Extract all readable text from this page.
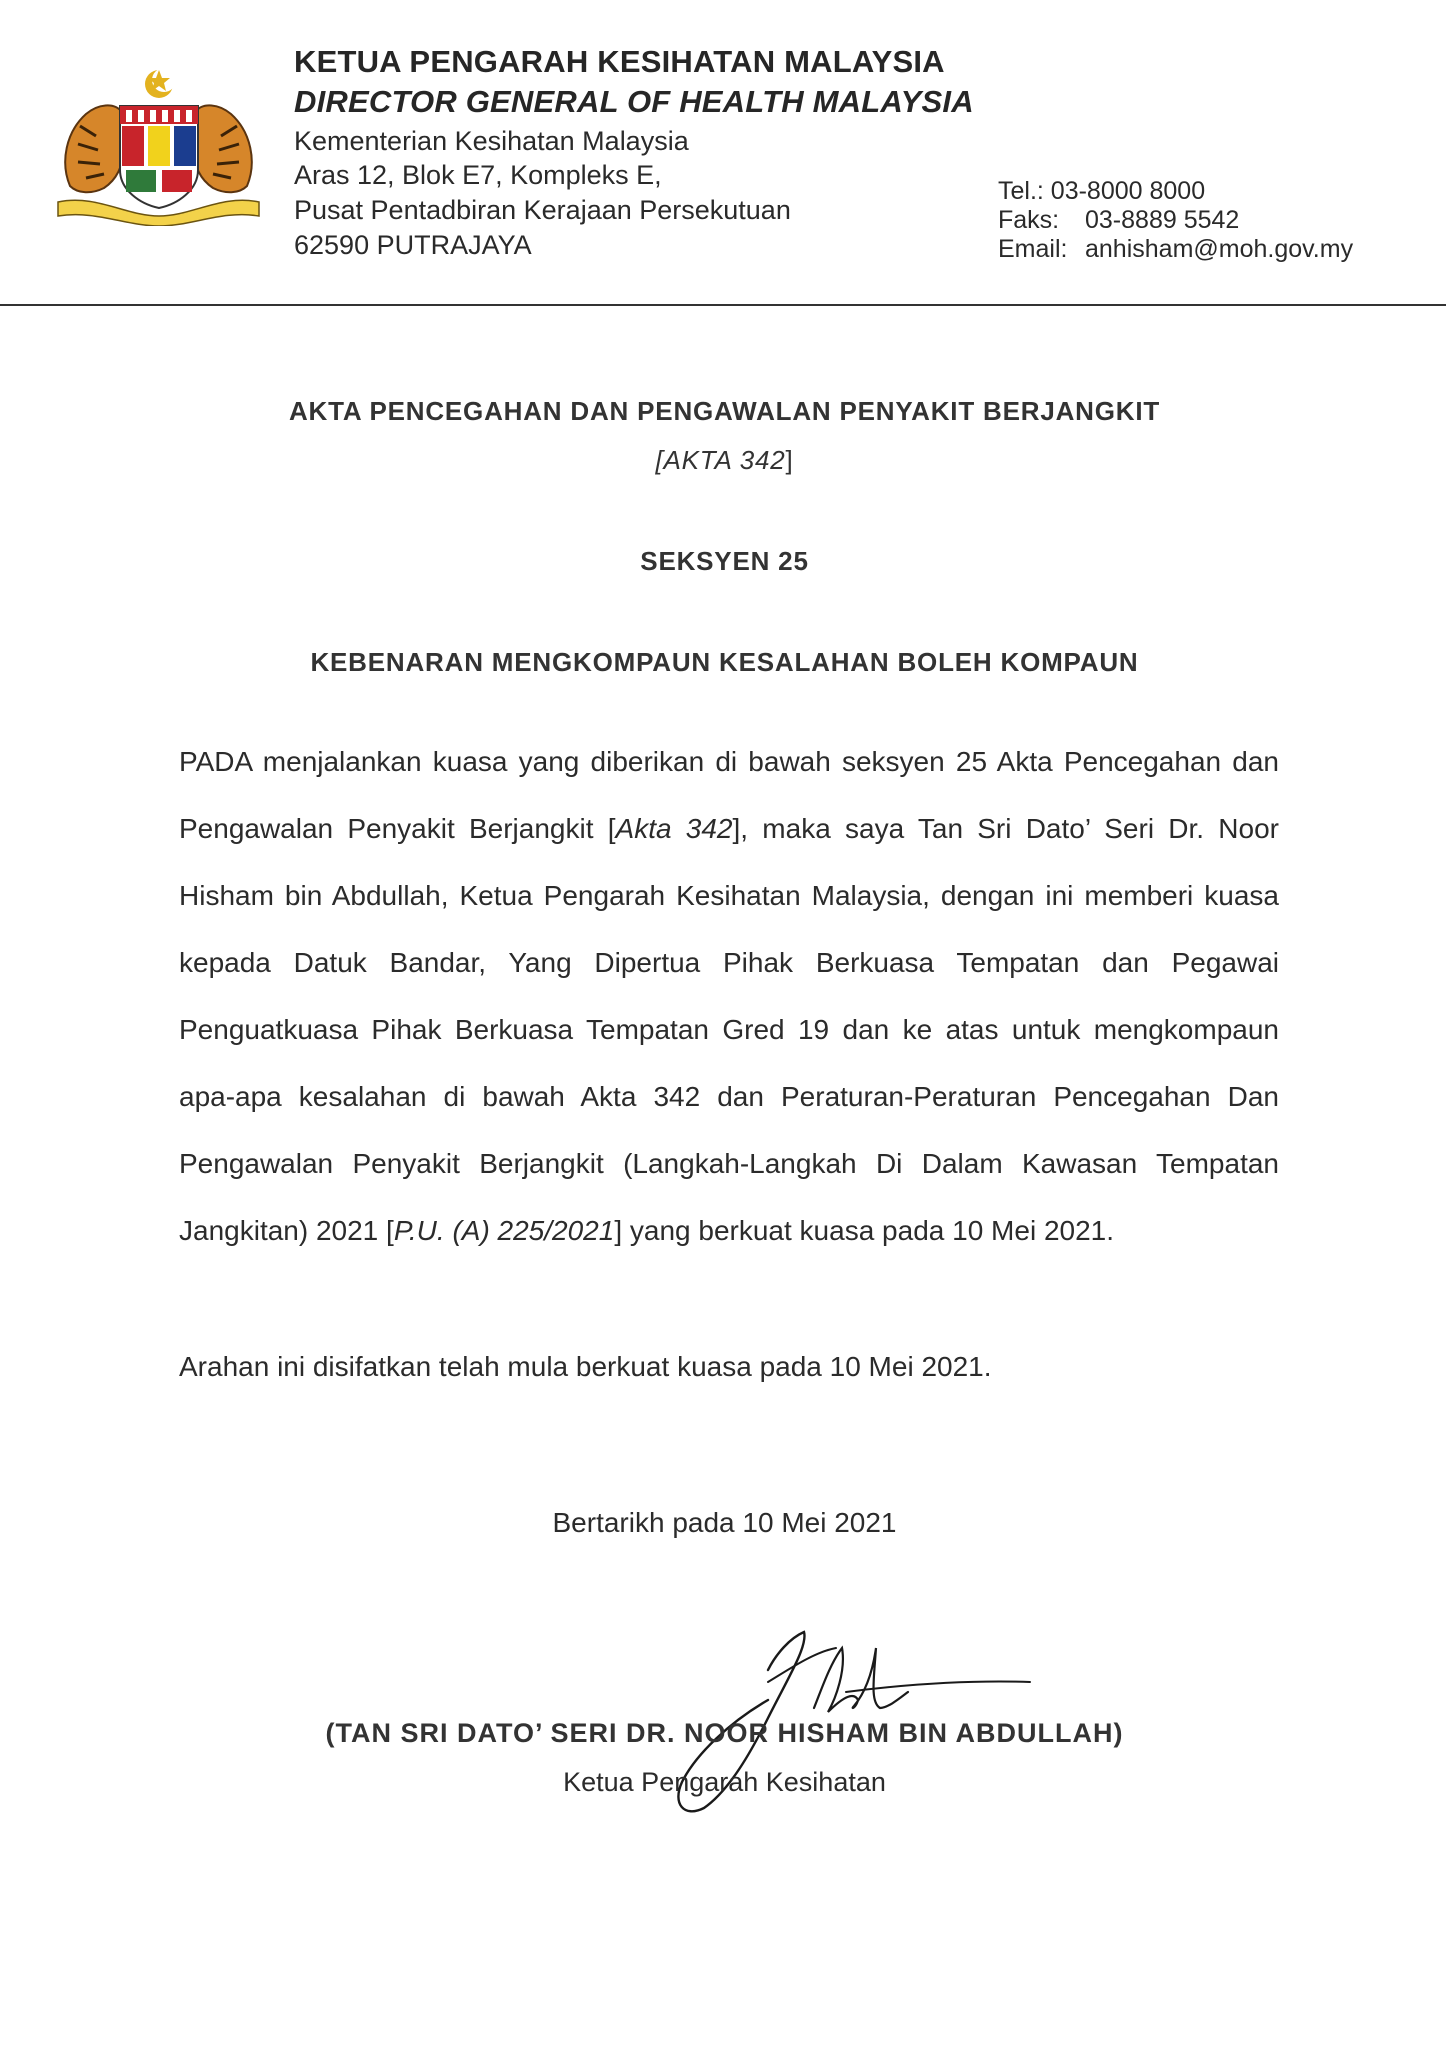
KETUA PENGARAH KESIHATAN MALAYSIA
DIRECTOR GENERAL OF HEALTH MALAYSIA
Kementerian Kesihatan Malaysia
Aras 12, Blok E7, Kompleks E,
Pusat Pentadbiran Kerajaan Persekutuan
62590 PUTRAJAYA
Tel.: 03-8000 8000
Faks: 03-8889 5542
Email: anhisham@moh.gov.my
AKTA PENCEGAHAN DAN PENGAWALAN PENYAKIT BERJANGKIT
[AKTA 342]
SEKSYEN 25
KEBENARAN MENGKOMPAUN KESALAHAN BOLEH KOMPAUN
PADA menjalankan kuasa yang diberikan di bawah seksyen 25 Akta Pencegahan dan
Pengawalan Penyakit Berjangkit [Akta 342], maka saya Tan Sri Dato’ Seri Dr. Noor
Hisham bin Abdullah, Ketua Pengarah Kesihatan Malaysia, dengan ini memberi kuasa
kepada Datuk Bandar, Yang Dipertua Pihak Berkuasa Tempatan dan Pegawai
Penguatkuasa Pihak Berkuasa Tempatan Gred 19 dan ke atas untuk mengkompaun
apa-apa kesalahan di bawah Akta 342 dan Peraturan-Peraturan Pencegahan Dan
Pengawalan Penyakit Berjangkit (Langkah-Langkah Di Dalam Kawasan Tempatan
Jangkitan) 2021 [P.U. (A) 225/2021] yang berkuat kuasa pada 10 Mei 2021.
Arahan ini disifatkan telah mula berkuat kuasa pada 10 Mei 2021.
Bertarikh pada 10 Mei 2021
(TAN SRI DATO’ SERI DR. NOOR HISHAM BIN ABDULLAH)
Ketua Pengarah Kesihatan
